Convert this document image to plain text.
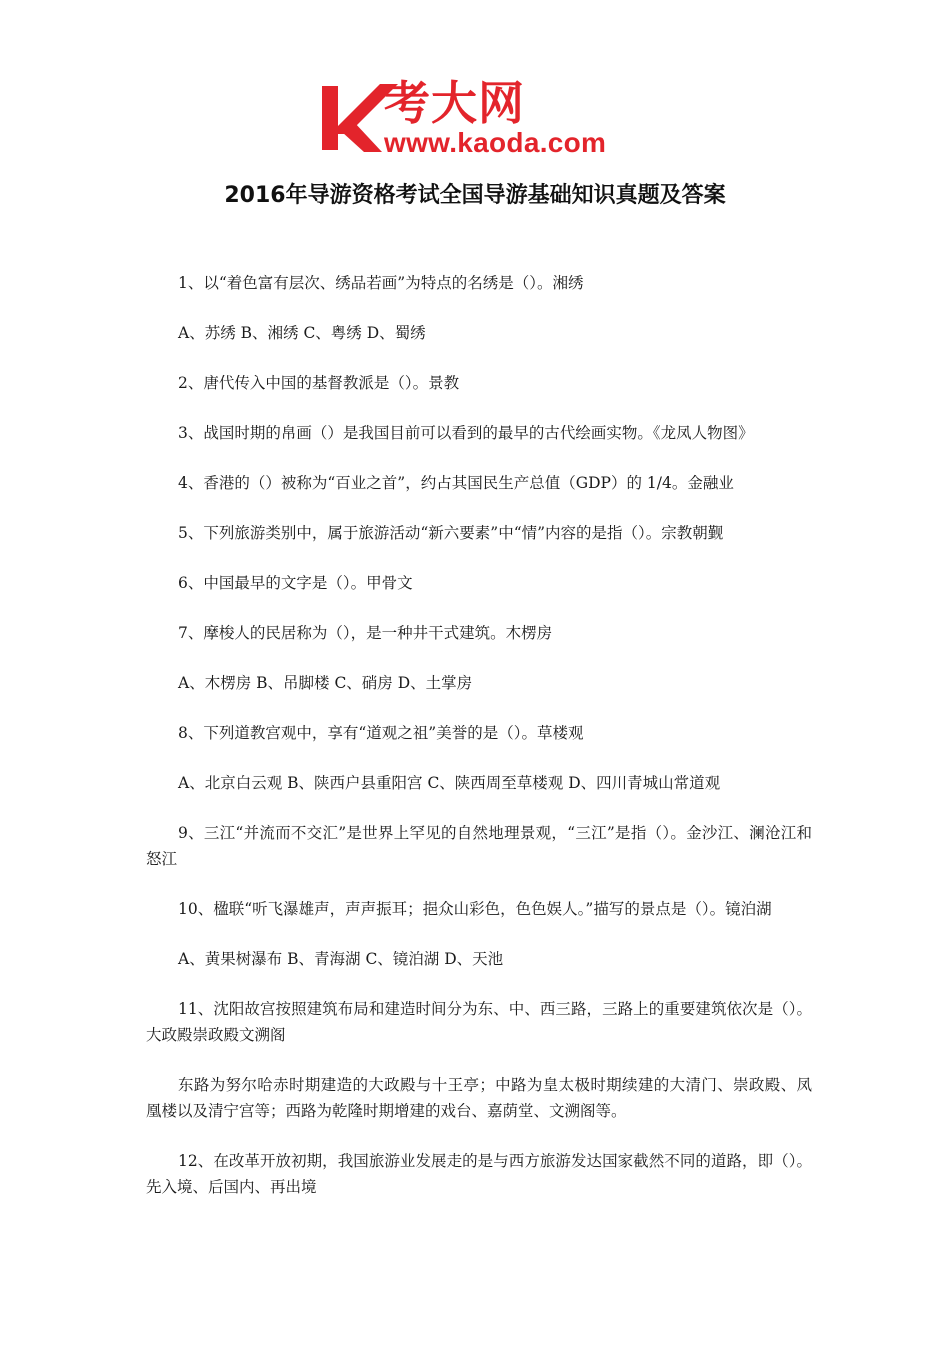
考大网
www.kaoda.com
2016年导游资格考试全国导游基础知识真题及答案

1、以“着色富有层次、绣品若画”为特点的名绣是（）。湘绣

A、苏绣 B、湘绣 C、粤绣 D、蜀绣

2、唐代传入中国的基督教派是（）。景教

3、战国时期的帛画（）是我国目前可以看到的最早的古代绘画实物。《龙凤人物图》

4、香港的（）被称为“百业之首”，约占其国民生产总值（GDP）的 1/4。金融业

5、下列旅游类别中，属于旅游活动“新六要素”中“情”内容的是指（）。宗教朝觐

6、中国最早的文字是（）。甲骨文

7、摩梭人的民居称为（），是一种井干式建筑。木楞房

A、木楞房 B、吊脚楼 C、硝房 D、土掌房

8、下列道教宫观中，享有“道观之祖”美誉的是（）。草楼观

A、北京白云观 B、陕西户县重阳宫 C、陕西周至草楼观 D、四川青城山常道观

9、三江“并流而不交汇”是世界上罕见的自然地理景观，“三江”是指（）。金沙江、澜沧江和怒江

10、楹联“听飞瀑雄声，声声振耳；挹众山彩色，色色娱人。”描写的景点是（）。镜泊湖

A、黄果树瀑布 B、青海湖 C、镜泊湖 D、天池

11、沈阳故宫按照建筑布局和建造时间分为东、中、西三路，三路上的重要建筑依次是（）。大政殿崇政殿文溯阁

东路为努尔哈赤时期建造的大政殿与十王亭；中路为皇太极时期续建的大清门、崇政殿、凤凰楼以及清宁宫等；西路为乾隆时期增建的戏台、嘉荫堂、文溯阁等。

12、在改革开放初期，我国旅游业发展走的是与西方旅游发达国家截然不同的道路，即（）。先入境、后国内、再出境
